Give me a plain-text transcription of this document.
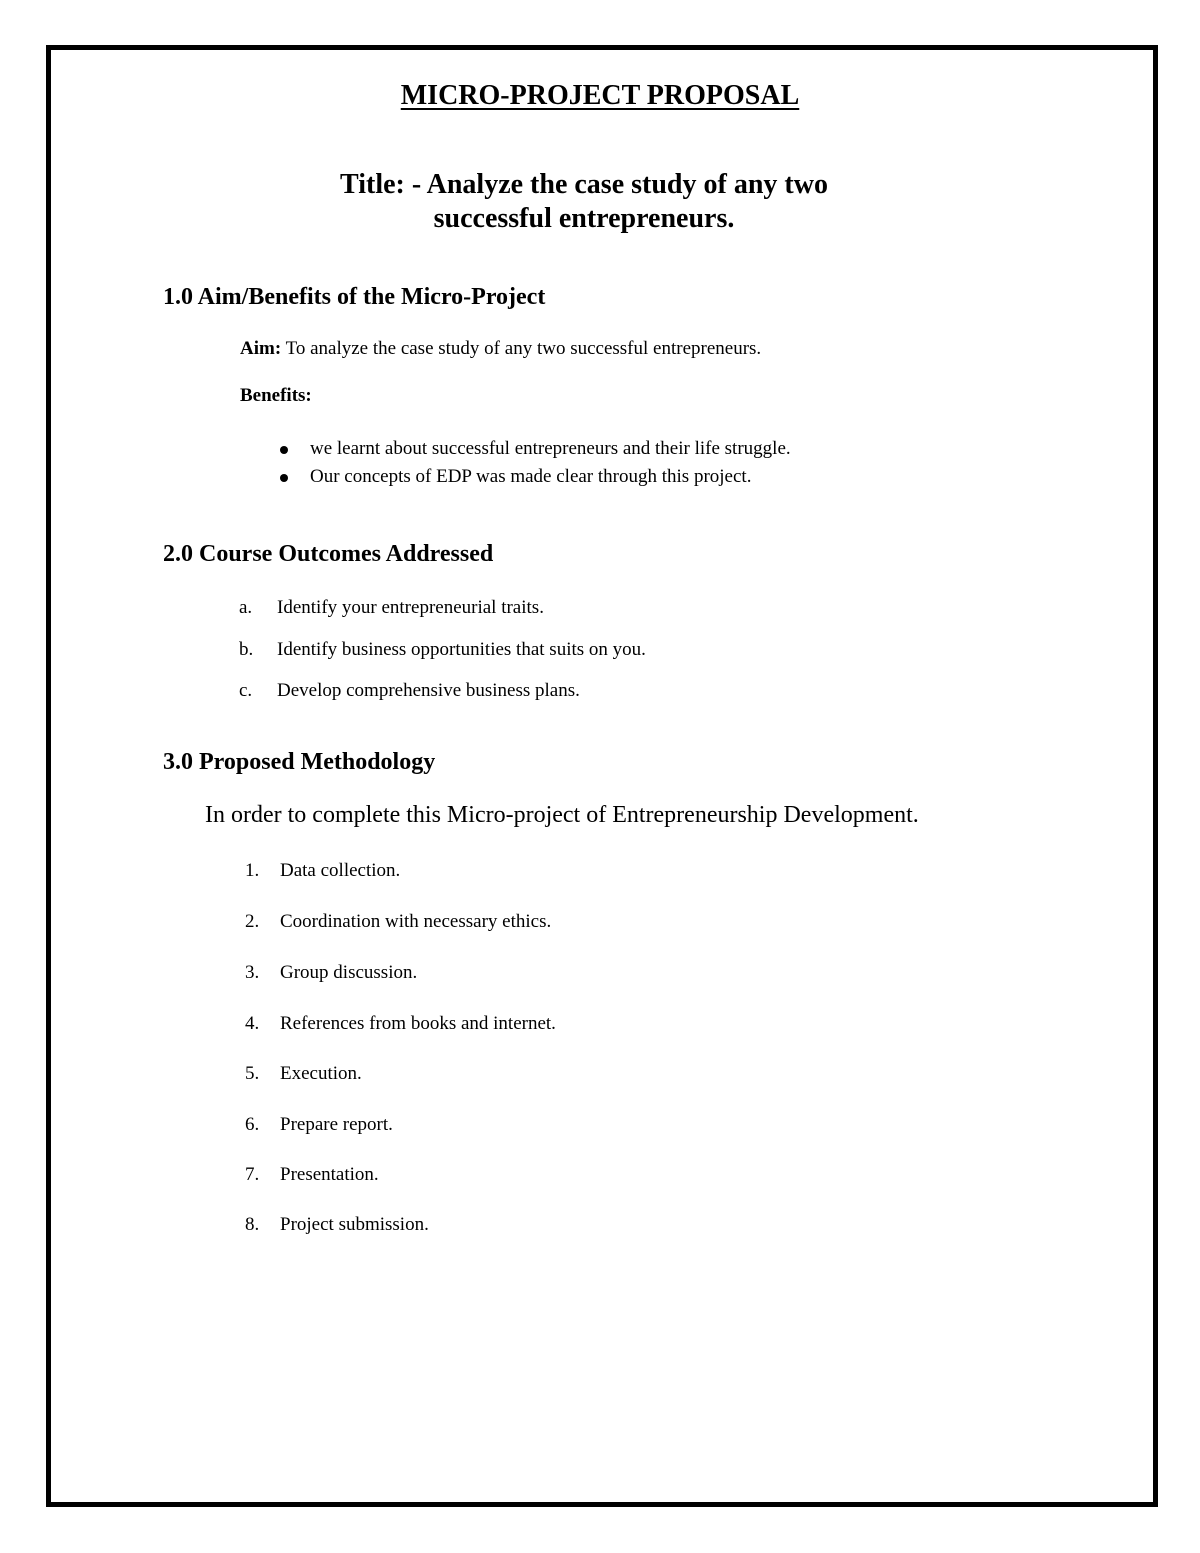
MICRO-PROJECT PROPOSAL
Title: - Analyze the case study of any two
successful entrepreneurs.
1.0 Aim/Benefits of the Micro-Project

Aim: To analyze the case study of any two successful entrepreneurs.

Benefits:

we learnt about successful entrepreneurs and their life struggle.
Our concepts of EDP was made clear through this project.
2.0 Course Outcomes Addressed
a. Identify your entrepreneurial traits.
b. Identify business opportunities that suits on you.
c. Develop comprehensive business plans.
3.0 Proposed Methodology

In order to complete this Micro-project of Entrepreneurship Development.

1. Data collection.
2. Coordination with necessary ethics.
3. Group discussion.
4. References from books and internet.
5. Execution.
6. Prepare report.
7. Presentation.
8. Project submission.
